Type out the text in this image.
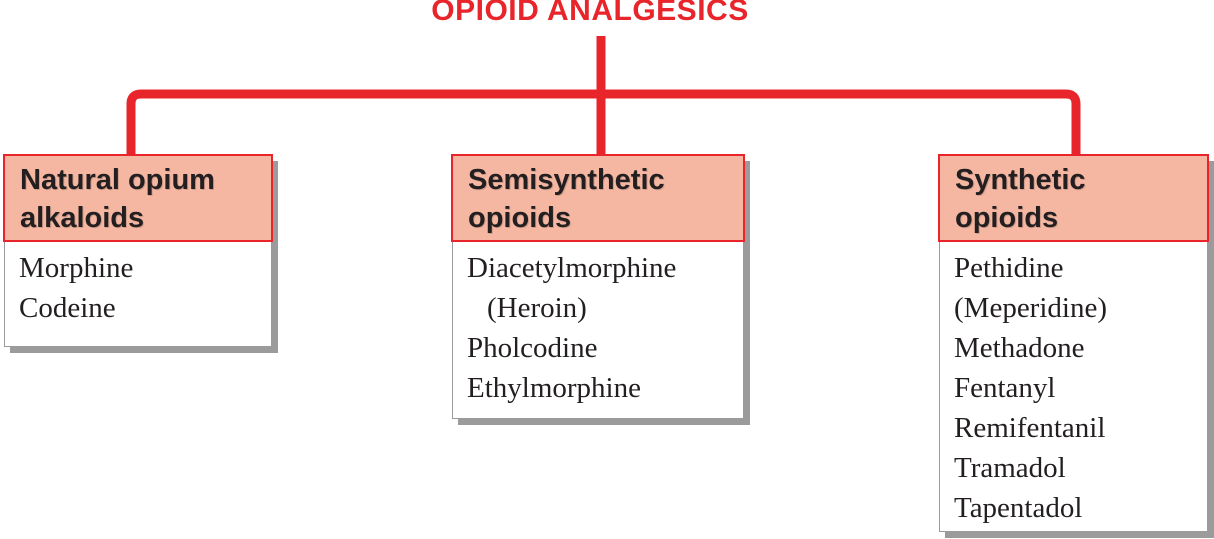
OPIOID ANALGESICS
Natural opium
alkaloids
Morphine
Codeine
Semisynthetic
opioids
Diacetylmorphine
(Heroin)
Pholcodine
Ethylmorphine
Synthetic
opioids
Pethidine
(Meperidine)
Methadone
Fentanyl
Remifentanil
Tramadol
Tapentadol
